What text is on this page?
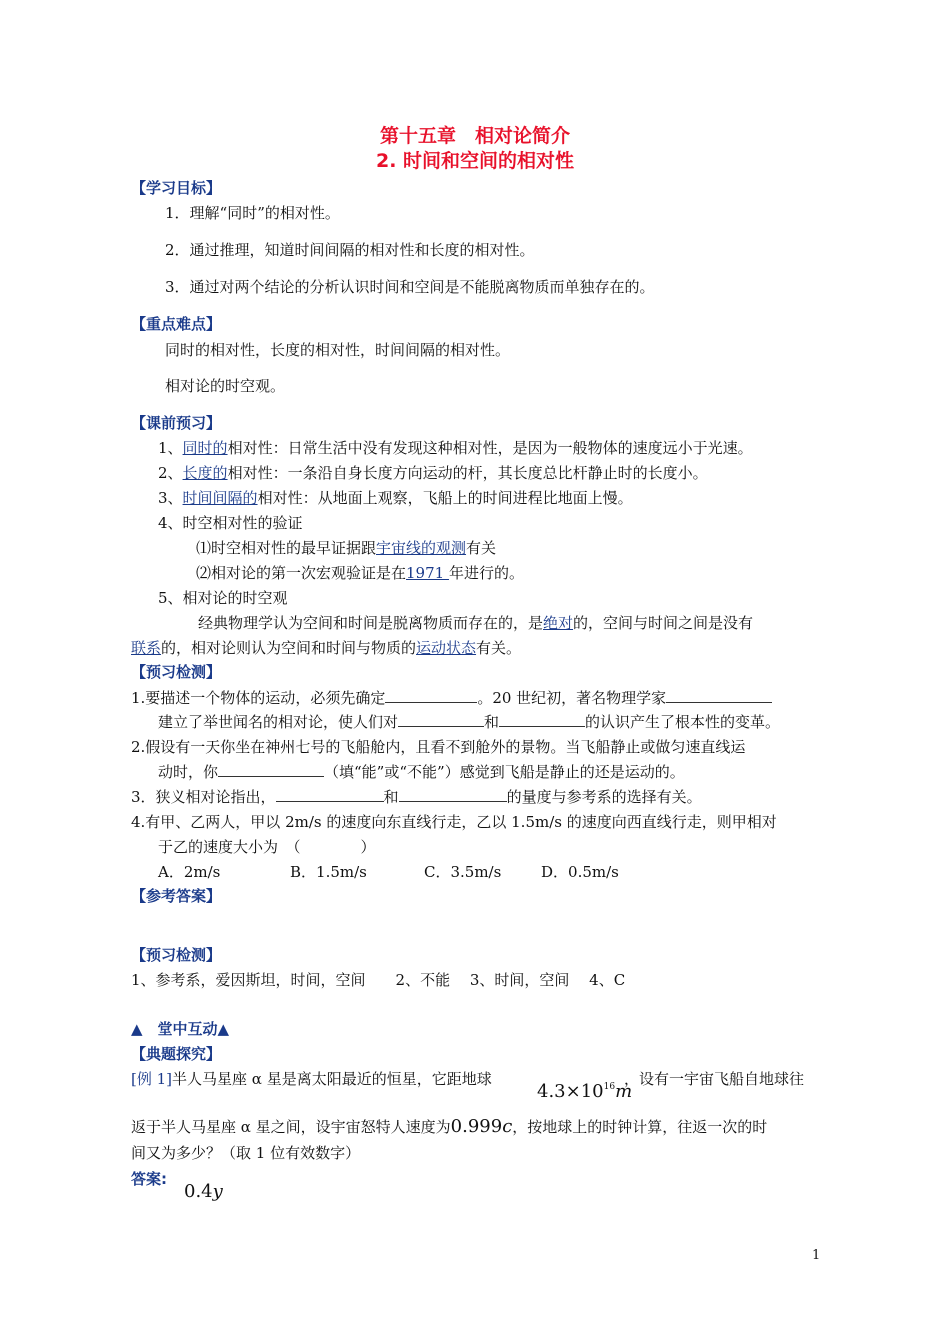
第十五章　相对论简介
2. 时间和空间的相对性
【学习目标】
1．理解“同时”的相对性。
2．通过推理，知道时间间隔的相对性和长度的相对性。
3．通过对两个结论的分析认识时间和空间是不能脱离物质而单独存在的。
【重点难点】
同时的相对性，长度的相对性，时间间隔的相对性。
相对论的时空观。
【课前预习】
1、同时的相对性：日常生活中没有发现这种相对性，是因为一般物体的速度远小于光速。
2、长度的相对性：一条沿自身长度方向运动的杆，其长度总比杆静止时的长度小。
3、时间间隔的相对性：从地面上观察，飞船上的时间进程比地面上慢。
4、时空相对性的验证
⑴时空相对性的最早证据跟宇宙线的观测有关
⑵相对论的第一次宏观验证是在1971 年进行的。
5、相对论的时空观
经典物理学认为空间和时间是脱离物质而存在的，是绝对的，空间与时间之间是没有
联系的，相对论则认为空间和时间与物质的运动状态有关。
【预习检测】
1.要描述一个物体的运动，必须先确定	。20 世纪初，著名物理学家
建立了举世闻名的相对论，使人们对	和	的认识产生了根本性的变革。
2.假设有一天你坐在神州七号的飞船舱内，且看不到舱外的景物。当飞船静止或做匀速直线运
动时，你	（填“能”或“不能”）感觉到飞船是静止的还是运动的。
3．狭义相对论指出，	和	的量度与参考系的选择有关。
4.有甲、乙两人，甲以 2m/s 的速度向东直线行走，乙以 1.5m/s 的速度向西直线行走，则甲相对
于乙的速度大小为　（　　　　）
A．2m/s	B．1.5m/s	C．3.5m/s	D．0.5m/s
【参考答案】
【预习检测】
1、参考系，爱因斯坦，时间，空间　　2、不能　 3、时间，空间　 4、C
▲　堂中互动▲
【典题探究】
[例 1]半人马星座 α 星是离太阳最近的恒星，它距地球
$4.3\times 10^{16}m$
，设有一宇宙飞船自地球往
返于半人马星座 α 星之间，设宇宙怒特人速度为0.999c，按地球上的时钟计算，往返一次的时
间又为多少？（取 1 位有效数字）
答案:
0.4y
1
